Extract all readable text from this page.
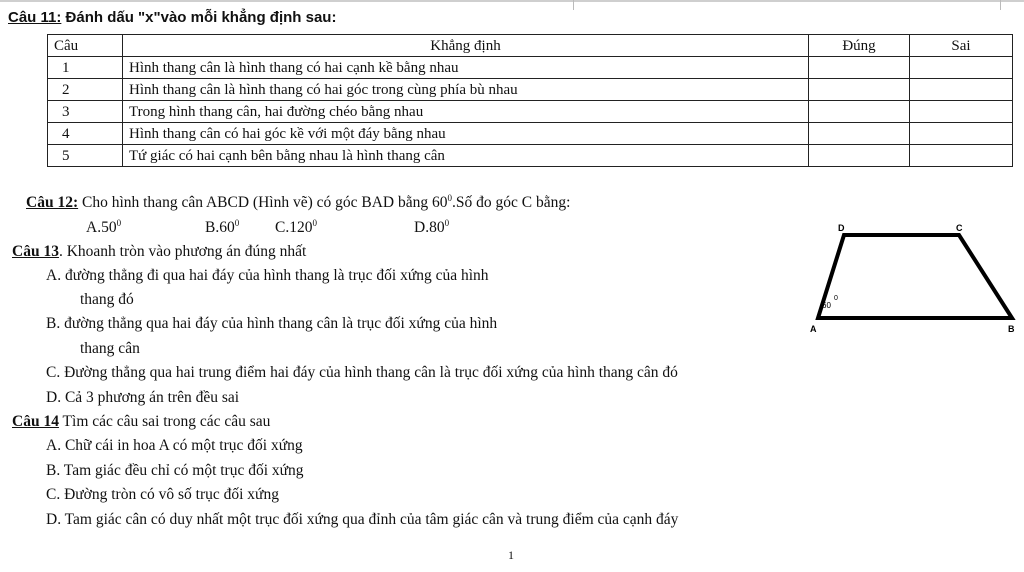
Câu 11: Đánh dấu "x"vào mỗi khẳng định sau:
Câu	Khẳng định	Đúng	Sai
1	Hình thang cân là hình thang có hai cạnh kề bằng nhau		
2	Hình thang cân là hình thang có hai góc trong cùng phía bù nhau		
3	Trong hình thang cân, hai đường chéo bằng nhau		
4	Hình thang cân có hai góc kề với một đáy bằng nhau		
5	Tứ giác có hai cạnh bên bằng nhau là hình thang cân		
Câu 12: Cho hình thang cân ABCD (Hình vẽ) có góc BAD bằng $60^0.Số$ đo góc C bằng:
$A.50^0$	$B.60^0$ C.120$^0$	$D.80^0$
Câu 13. Khoanh tròn vào phương án đúng nhất
A. đường thẳng đi qua hai đáy của hình thang là trục đối xứng của hình
thang đó
B. đường thẳng qua hai đáy của hình thang cân là trục đối xứng của hình
thang cân
C. Đường thẳng qua hai trung điểm hai đáy của hình thang cân là trục đối xứng của hình thang cân đó
D. Cả 3 phương án trên đều sai
Câu 14 Tìm các câu sai trong các câu sau
A. Chữ cái in hoa A có một trục đối xứng
B. Tam giác đều chỉ có một trục đối xứng
C. Đường tròn có vô số trục đối xứng
D. Tam giác cân có duy nhất một trục đối xứng qua đỉnh của tâm giác cân và trung điểm của cạnh đáy
1
D	C
A	B
60
0
